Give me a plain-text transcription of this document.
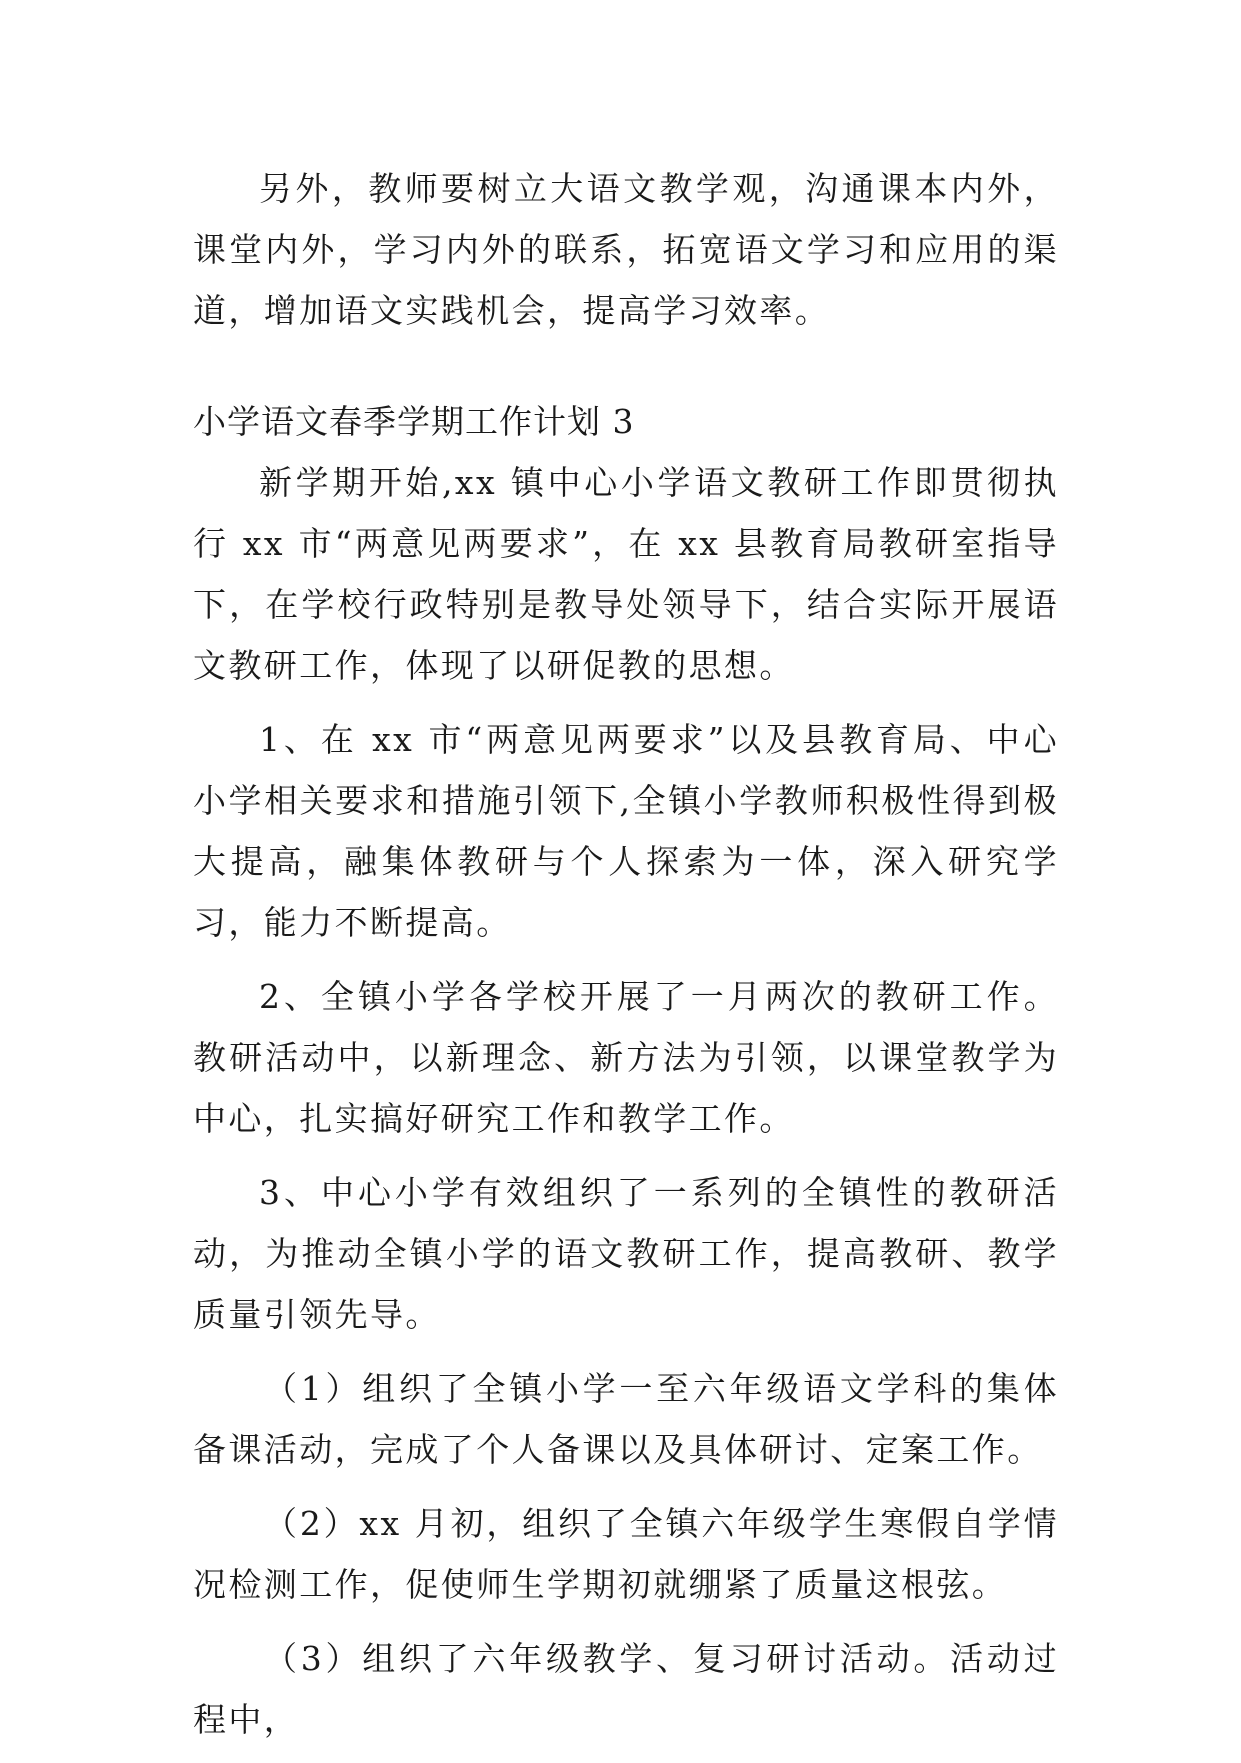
另外，教师要树立大语文教学观，沟通课本内外，课堂内外，学习内外的联系，拓宽语文学习和应用的渠道，增加语文实践机会，提高学习效率。

小学语文春季学期工作计划 3

新学期开始,xx 镇中心小学语文教研工作即贯彻执行 xx 市“两意见两要求”，在 xx 县教育局教研室指导下，在学校行政特别是教导处领导下，结合实际开展语文教研工作，体现了以研促教的思想。

1、在 xx 市“两意见两要求”以及县教育局、中心小学相关要求和措施引领下,全镇小学教师积极性得到极大提高，融集体教研与个人探索为一体，深入研究学习，能力不断提高。

2、全镇小学各学校开展了一月两次的教研工作。教研活动中，以新理念、新方法为引领，以课堂教学为中心，扎实搞好研究工作和教学工作。

3、中心小学有效组织了一系列的全镇性的教研活动，为推动全镇小学的语文教研工作，提高教研、教学质量引领先导。

（1）组织了全镇小学一至六年级语文学科的集体备课活动，完成了个人备课以及具体研讨、定案工作。

（2）xx 月初，组织了全镇六年级学生寒假自学情况检测工作，促使师生学期初就绷紧了质量这根弦。

（3）组织了六年级教学、复习研讨活动。活动过程中，
